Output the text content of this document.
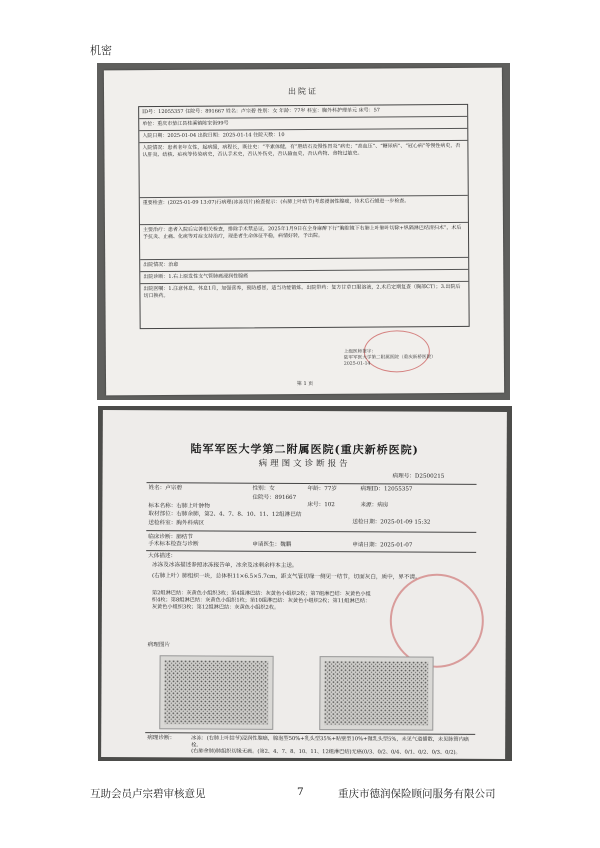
机密
出院证
ID号：12055357 住院号：891667 姓名：卢宗碧 性别：女 年龄：77岁 科室：胸外科护理单元 床号：57
单位：重庆市垫江县桂溪镇陈家街99号
入院日期：2025-01-04 出院日期：2025-01-14 住院天数：10
入院情况：患者老年女性，起病缓，病程长，既往史：“平素体健，有“胆结石及慢性胃炎”病史；“高血压”、“糖尿病”、“冠心病”等慢性病史，否认肝炎、结核、疟疾等传染病史，否认手术史，否认外伤史，否认输血史，否认药物、食物过敏史。
重要检查：(2025-01-09 13:07)行病理(冰冻切片)检查提示：(右肺上叶结节)考虑浸润性腺癌，待术后石蜡进一步检查。
主要治疗：患者入院后完善相关检查，排除手术禁忌证，2025年1月9日在全身麻醉下行“胸腔镜下右肺上叶肺叶切除+纵隔淋巴结清扫术”，术后予抗炎、止痛、化痰等对症支持治疗，现患者生命体征平稳，病情好转，予出院。
出院情况：治愈
出院诊断：1.右上原发性支气管肺癌浸润性腺癌
出院医嘱：1.注意休息，休息1月，加强营养，预防感冒，适当功能锻炼。出院带药：复方甘草口服溶液，2.术后定期复查（胸部CT）；3.出院后切口换药。
上级医师签字：
陆军军医大学第二附属医院（重庆新桥医院）
2025-01-14
第 1 页
陆军军医大学第二附属医院(重庆新桥医院)
病理图文诊断报告
病理号：D2500215
姓名：卢宗碧	性别：女	年龄：77岁	病理ID：12055357
住院号：891667
床号：102	来源：病房
标本名称：右肺上叶肿物
取材部位：右肺余肺，第2、4、7、8、10、11、12组淋巴结
送检日期：2025-01-09 15:32
送检科室：胸外科病区
临床诊断：肺结节
手术标本检查与诊断	申请医生：魏鹏	申请日期：2025-01-07
大体描述：
冰冻及冰冻描述参照冰冻报告单，冰余及冰剩余样本主送。
(右肺上叶）肺组织一块，总体积11×6.5×5.7cm，距支气管切缘一侧见一结节，切面灰白，质中，界不清。
第2组淋巴结：灰黄色小组织3枚；第4组淋巴结：灰黄色小组织2枚；第7组淋巴结：灰黄色小组织4枚；第8组淋巴结：灰黄色小组织1枚；第10组淋巴结：灰黄色小组织2枚；第11组淋巴结：灰黄色小组织3枚；第12组淋巴结：灰黄色小组织2枚。
病理图片
病理诊断：	冰冻：(右肺上叶结节)浸润性腺癌，腺泡型50%+乳头型35%+贴壁型10%+微乳头型5%，未见气道播散，未见脉管内癌栓。
(右肺余肺)肺组织切缘无癌。(第2、4、7、8、10、11、12组淋巴结)无癌(0/3、0/2、0/4、0/1、0/2、0/3、0/2)。
互助会员卢宗碧审核意见	7	重庆市德润保险顾问服务有限公司
